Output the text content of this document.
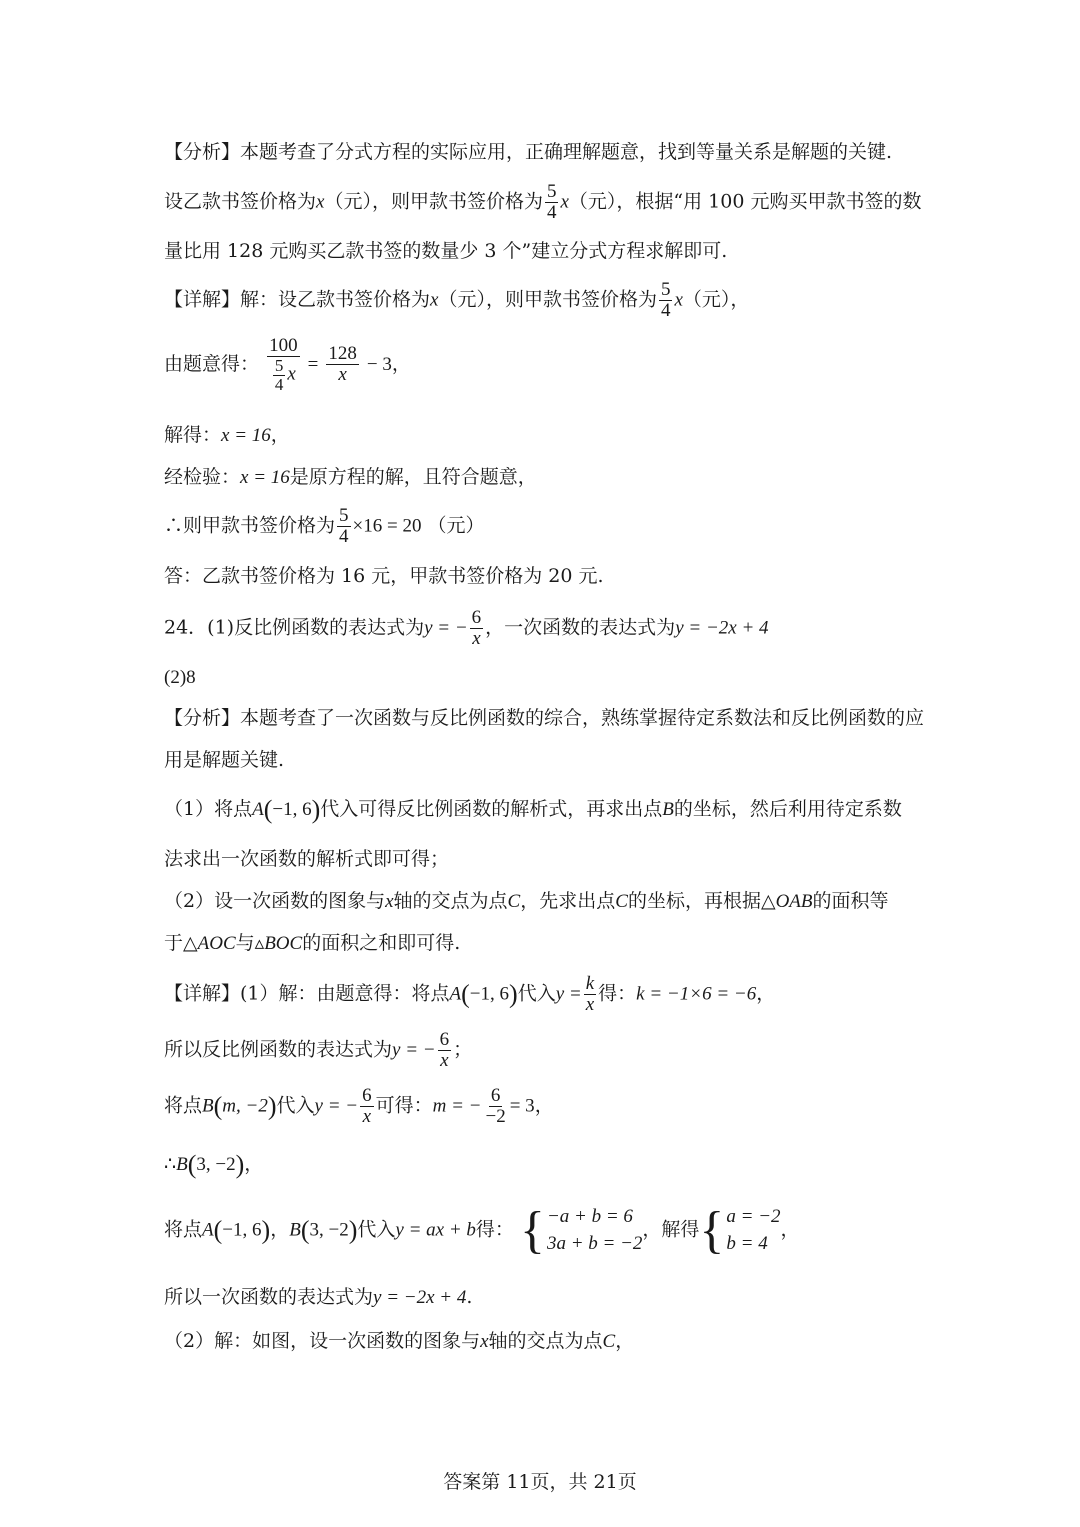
【分析】本题考查了分式方程的实际应用，正确理解题意，找到等量关系是解题的关键.
设乙款书签价格为x（元），则甲款书签价格为 $\frac{5}{4} x$（元），根据“用 100 元购买甲款书签的数
量比用 128 元购买乙款书签的数量少 3 个”建立分式方程求解即可.
【详解】解：设乙款书签价格为x（元），则甲款书签价格为 $\frac{5}{4} x$（元），
由题意得： $\frac{100}{\frac{5}{4} x} = \frac{128}{x} - 3$，
解得：x = 16，
经检验：x = 16是原方程的解，且符合题意，
∴则甲款书签价格为 $\frac{5}{4} \times 16 = 20$ （元）
答：乙款书签价格为 16 元，甲款书签价格为 20 元.
24．(1)反比例函数的表达式为y = − $\frac{6}{x}$ ，一次函数的表达式为y = −2x + 4
(2)8
【分析】本题考查了一次函数与反比例函数的综合，熟练掌握待定系数法和反比例函数的应
用是解题关键.
（1）将点A(−1, 6)代入可得反比例函数的解析式，再求出点B的坐标，然后利用待定系数
法求出一次函数的解析式即可得；
（2）设一次函数的图象与x轴的交点为点C，先求出点C的坐标，再根据△OAB的面积等
于△AOC与▵BOC的面积之和即可得.
【详解】(1）解：由题意得：将点A(−1, 6)代入$y = \frac{k}{x}$ 得：k = −1×6 = −6，
所以反比例函数的表达式为y = − $\frac{6}{x}$ ；
将点B(m, −2)代入y = − $\frac{6}{x}$ 可得：m = − $\frac{6}{-2} = 3$，
∴B(3, −2)，
将点A(−1, 6)，B(3, −2)代入y = ax + b得： { −a + b = 6
3a + b = −2
，解得 { a = −2
b = 4
，
所以一次函数的表达式为y = −2x + 4.
（2）解：如图，设一次函数的图象与x轴的交点为点C，
答案第 11页，共 21页
